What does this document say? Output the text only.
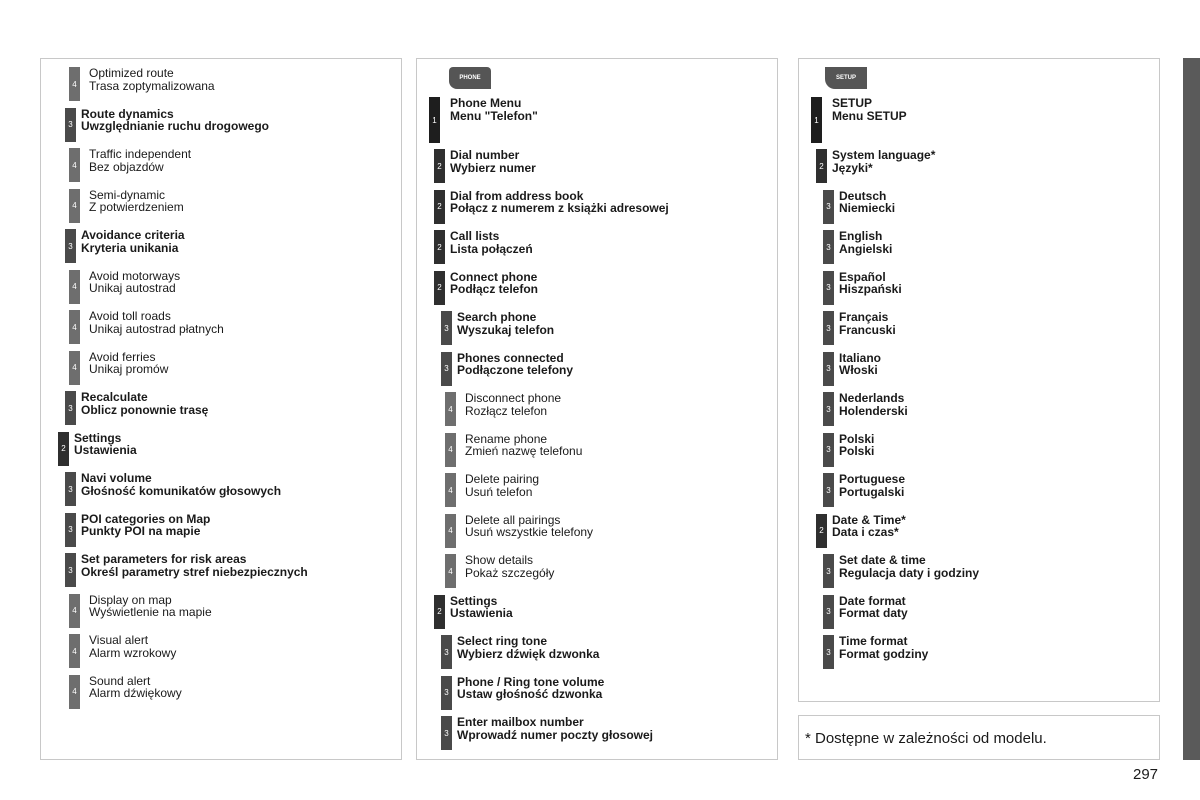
4
Optimized route
Trasa zoptymalizowana
3
Route dynamics
Uwzględnianie ruchu drogowego
4
Traffic independent
Bez objazdów
4
Semi-dynamic
Z potwierdzeniem
3
Avoidance criteria
Kryteria unikania
4
Avoid motorways
Unikaj autostrad
4
Avoid toll roads
Unikaj autostrad płatnych
4
Avoid ferries
Unikaj promów
3
Recalculate
Oblicz ponownie trasę
2
Settings
Ustawienia
3
Navi volume
Głośność komunikatów głosowych
3
POI categories on Map
Punkty POI na mapie
3
Set parameters for risk areas
Określ parametry stref niebezpiecznych
4
Display on map
Wyświetlenie na mapie
4
Visual alert
Alarm wzrokowy
4
Sound alert
Alarm dźwiękowy
PHONE
1
Phone Menu
Menu "Telefon"
2
Dial number
Wybierz numer
2
Dial from address book
Połącz z numerem z książki adresowej
2
Call lists
Lista połączeń
2
Connect phone
Podłącz telefon
3
Search phone
Wyszukaj telefon
3
Phones connected
Podłączone telefony
4
Disconnect phone
Rozłącz telefon
4
Rename phone
Zmień nazwę telefonu
4
Delete pairing
Usuń telefon
4
Delete all pairings
Usuń wszystkie telefony
4
Show details
Pokaż szczegóły
2
Settings
Ustawienia
3
Select ring tone
Wybierz dźwięk dzwonka
3
Phone / Ring tone volume
Ustaw głośność dzwonka
3
Enter mailbox number
Wprowadź numer poczty głosowej
SETUP
1
SETUP
Menu SETUP
2
System language*
Języki*
3
Deutsch
Niemiecki
3
English
Angielski
3
Español
Hiszpański
3
Français
Francuski
3
Italiano
Włoski
3
Nederlands
Holenderski
3
Polski
Polski
3
Portuguese
Portugalski
2
Date & Time*
Data i czas*
3
Set date & time
Regulacja daty i godziny
3
Date format
Format daty
3
Time format
Format godziny
* Dostępne w zależności od modelu.
297
